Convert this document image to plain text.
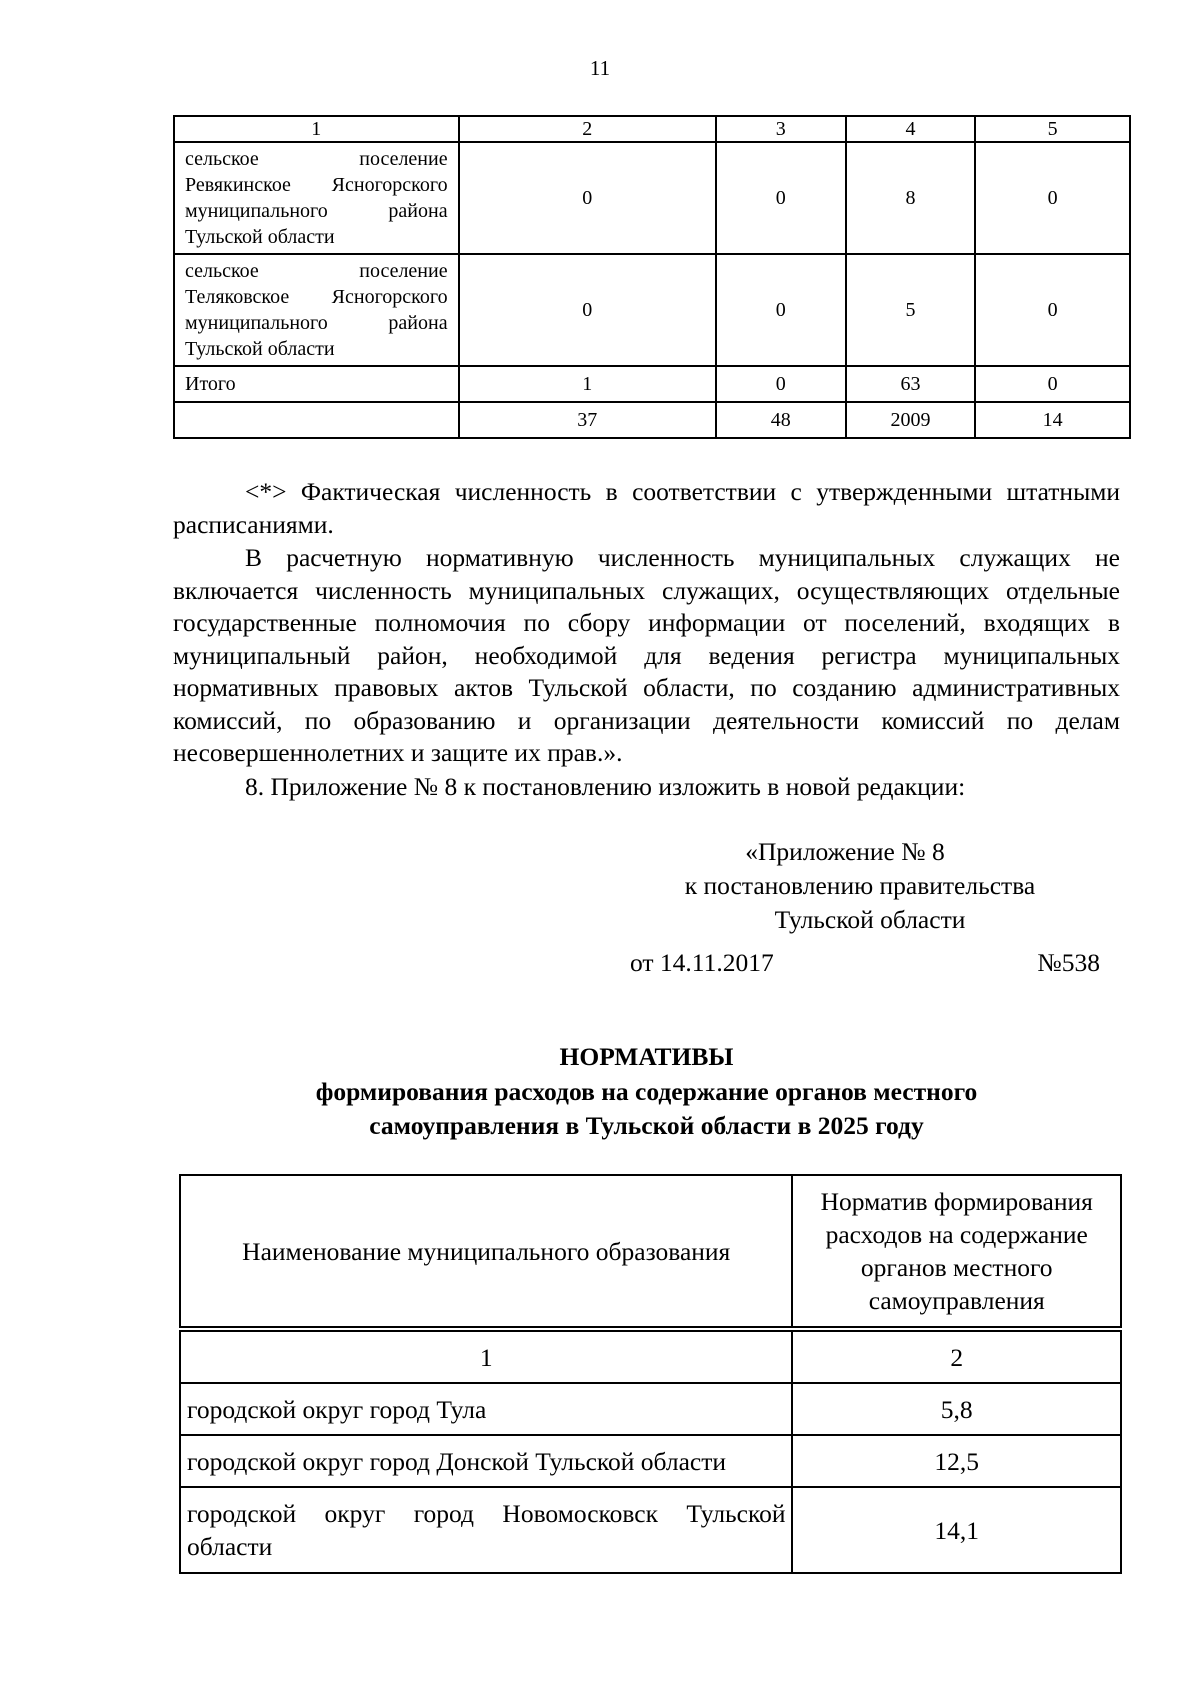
11
1	2	3	4	5
сельское поселение Ревякинское Ясногорского муниципального района Тульской области	0	0	8	0
сельское поселение Теляковское Ясногорского муниципального района Тульской области	0	0	5	0
Итого	1	0	63	0
	37	48	2009	14

<*> Фактическая численность в соответствии с утвержденными штатными расписаниями.

В расчетную нормативную численность муниципальных служащих не включается численность муниципальных служащих, осуществляющих отдельные государственные полномочия по сбору информации от поселений, входящих в муниципальный район, необходимой для ведения регистра муниципальных нормативных правовых актов Тульской области, по созданию административных комиссий, по образованию и организации деятельности комиссий по делам несовершеннолетних и защите их прав.».

8. Приложение № 8 к постановлению изложить в новой редакции:

«Приложение № 8
к постановлению правительства
Тульской области
от 14.11.2017	№538
НОРМАТИВЫ
формирования расходов на содержание органов местного
самоуправления в Тульской области в 2025 году
Наименование муниципального образования	Норматив формирования расходов на содержание органов местного самоуправления

1	2
городской округ город Тула	5,8
городской округ город Донской Тульской области	12,5
городской округ город Новомосковск Тульской области	14,1
